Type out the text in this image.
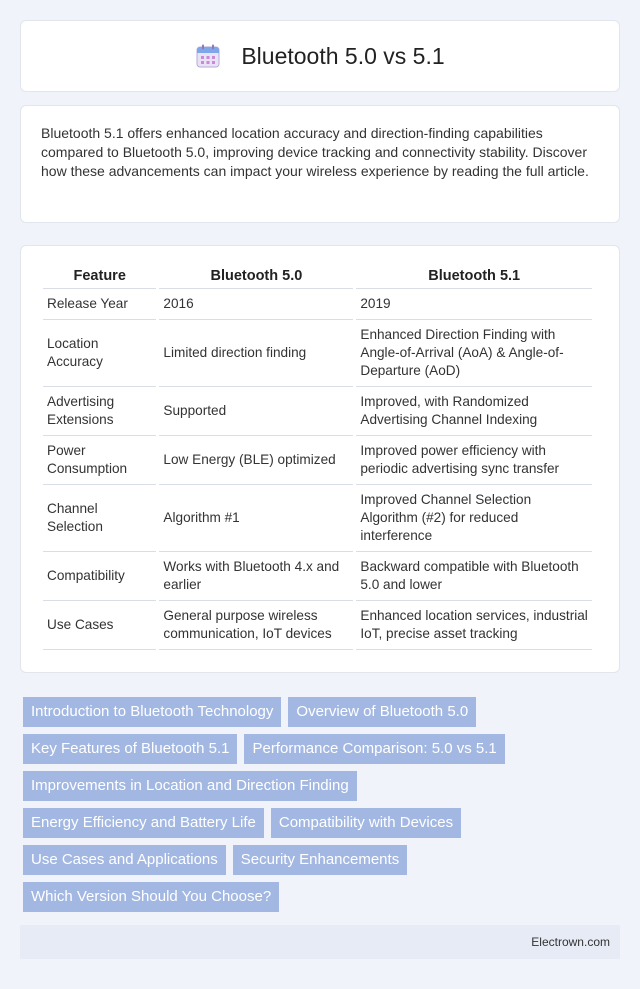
Bluetooth 5.0 vs 5.1

Bluetooth 5.1 offers enhanced location accuracy and direction-finding capabilities compared to Bluetooth 5.0, improving device tracking and connectivity stability. Discover how these advancements can impact your wireless experience by reading the full article.

Feature	Bluetooth 5.0	Bluetooth 5.1
Release Year	2016	2019
Location Accuracy	Limited direction finding	Enhanced Direction Finding with Angle-of-Arrival (AoA) & Angle-of-Departure (AoD)
Advertising Extensions	Supported	Improved, with Randomized Advertising Channel Indexing
Power Consumption	Low Energy (BLE) optimized	Improved power efficiency with periodic advertising sync transfer
Channel Selection	Algorithm #1	Improved Channel Selection Algorithm (#2) for reduced interference
Compatibility	Works with Bluetooth 4.x and earlier	Backward compatible with Bluetooth 5.0 and lower
Use Cases	General purpose wireless communication, IoT devices	Enhanced location services, industrial IoT, precise asset tracking
Introduction to Bluetooth Technology	Overview of Bluetooth 5.0
Key Features of Bluetooth 5.1	Performance Comparison: 5.0 vs 5.1
Improvements in Location and Direction Finding
Energy Efficiency and Battery Life	Compatibility with Devices
Use Cases and Applications	Security Enhancements
Which Version Should You Choose?
Electrown.com
